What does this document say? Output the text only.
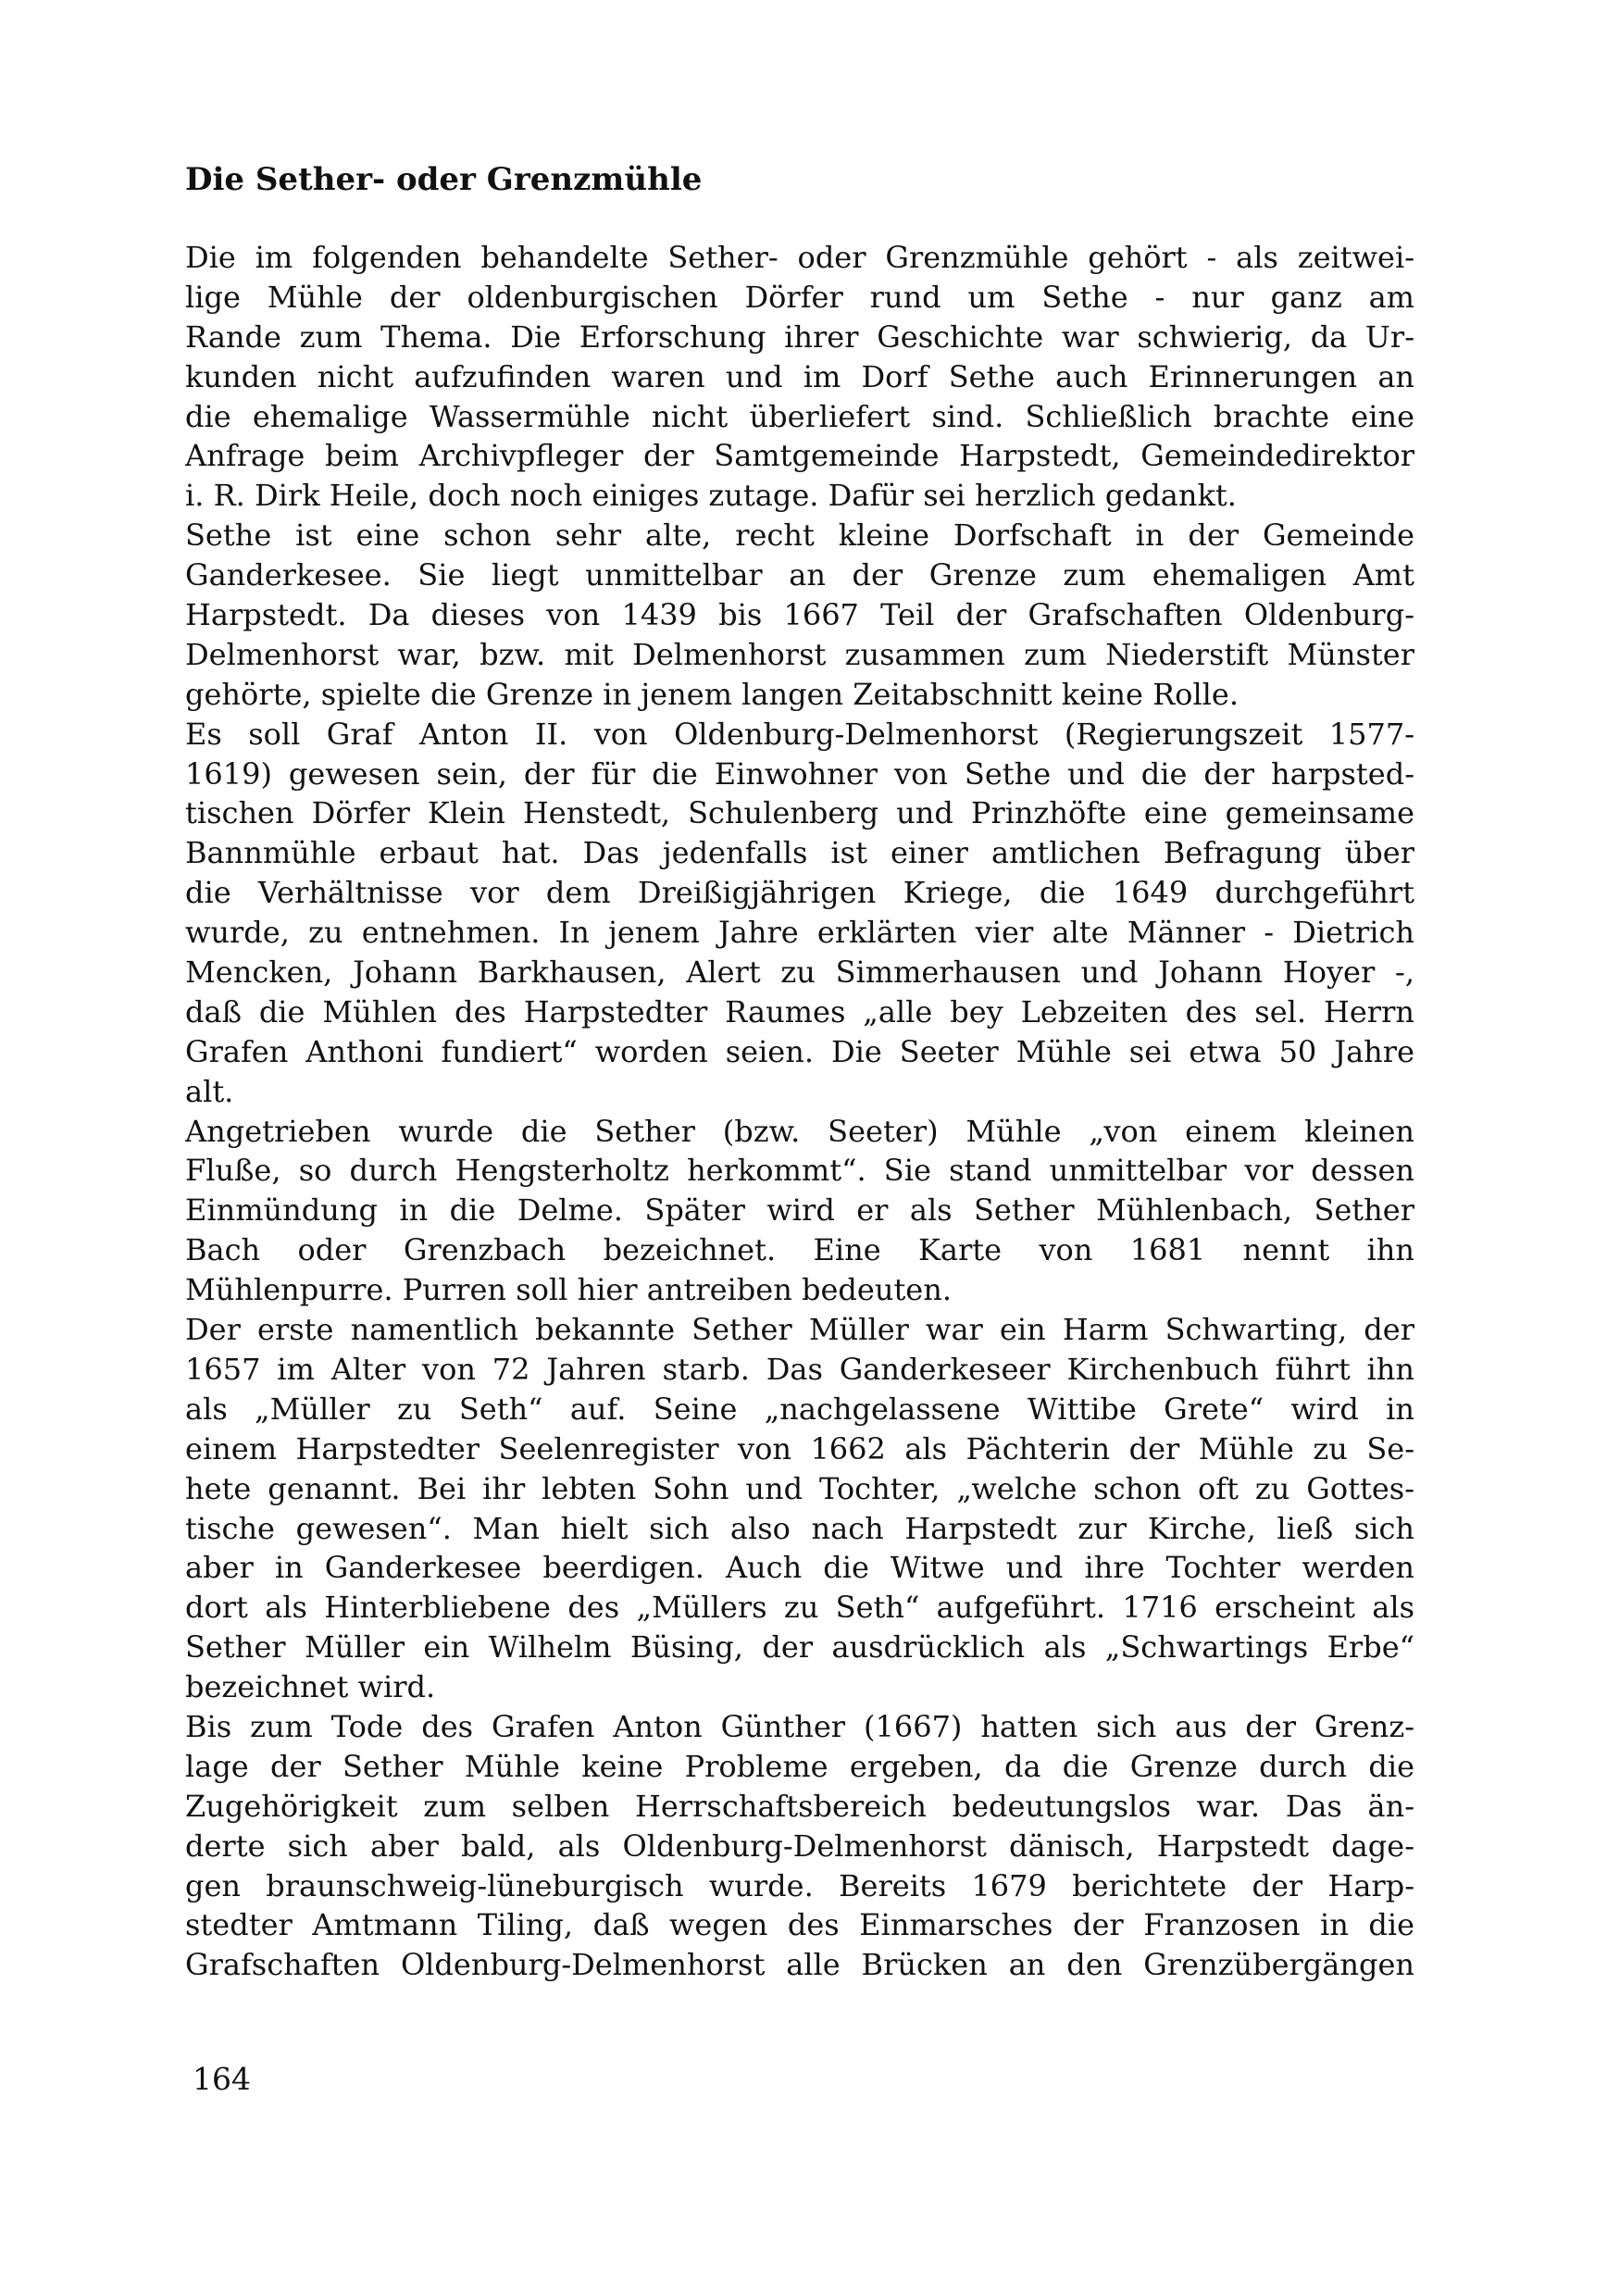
Die Sether- oder Grenzmühle
Die im folgenden behandelte Sether- oder Grenzmühle gehört - als zeitwei-
lige Mühle der oldenburgischen Dörfer rund um Sethe - nur ganz am
Rande zum Thema. Die Erforschung ihrer Geschichte war schwierig, da Ur-
kunden nicht aufzufinden waren und im Dorf Sethe auch Erinnerungen an
die ehemalige Wassermühle nicht überliefert sind. Schließlich brachte eine
Anfrage beim Archivpfleger der Samtgemeinde Harpstedt, Gemeindedirektor
i. R. Dirk Heile, doch noch einiges zutage. Dafür sei herzlich gedankt.
Sethe ist eine schon sehr alte, recht kleine Dorfschaft in der Gemeinde
Ganderkesee. Sie liegt unmittelbar an der Grenze zum ehemaligen Amt
Harpstedt. Da dieses von 1439 bis 1667 Teil der Grafschaften Oldenburg-
Delmenhorst war, bzw. mit Delmenhorst zusammen zum Niederstift Münster
gehörte, spielte die Grenze in jenem langen Zeitabschnitt keine Rolle.
Es soll Graf Anton II. von Oldenburg-Delmenhorst (Regierungszeit 1577-
1619) gewesen sein, der für die Einwohner von Sethe und die der harpsted-
tischen Dörfer Klein Henstedt, Schulenberg und Prinzhöfte eine gemeinsame
Bannmühle erbaut hat. Das jedenfalls ist einer amtlichen Befragung über
die Verhältnisse vor dem Dreißigjährigen Kriege, die 1649 durchgeführt
wurde, zu entnehmen. In jenem Jahre erklärten vier alte Männer - Dietrich
Mencken, Johann Barkhausen, Alert zu Simmerhausen und Johann Hoyer -,
daß die Mühlen des Harpstedter Raumes „alle bey Lebzeiten des sel. Herrn
Grafen Anthoni fundiert“ worden seien. Die Seeter Mühle sei etwa 50 Jahre
alt.
Angetrieben wurde die Sether (bzw. Seeter) Mühle „von einem kleinen
Fluße, so durch Hengsterholtz herkommt“. Sie stand unmittelbar vor dessen
Einmündung in die Delme. Später wird er als Sether Mühlenbach, Sether
Bach oder Grenzbach bezeichnet. Eine Karte von 1681 nennt ihn
Mühlenpurre. Purren soll hier antreiben bedeuten.
Der erste namentlich bekannte Sether Müller war ein Harm Schwarting, der
1657 im Alter von 72 Jahren starb. Das Ganderkeseer Kirchenbuch führt ihn
als „Müller zu Seth“ auf. Seine „nachgelassene Wittibe Grete“ wird in
einem Harpstedter Seelenregister von 1662 als Pächterin der Mühle zu Se-
hete genannt. Bei ihr lebten Sohn und Tochter, „welche schon oft zu Gottes-
tische gewesen“. Man hielt sich also nach Harpstedt zur Kirche, ließ sich
aber in Ganderkesee beerdigen. Auch die Witwe und ihre Tochter werden
dort als Hinterbliebene des „Müllers zu Seth“ aufgeführt. 1716 erscheint als
Sether Müller ein Wilhelm Büsing, der ausdrücklich als „Schwartings Erbe“
bezeichnet wird.
Bis zum Tode des Grafen Anton Günther (1667) hatten sich aus der Grenz-
lage der Sether Mühle keine Probleme ergeben, da die Grenze durch die
Zugehörigkeit zum selben Herrschaftsbereich bedeutungslos war. Das än-
derte sich aber bald, als Oldenburg-Delmenhorst dänisch, Harpstedt dage-
gen braunschweig-lüneburgisch wurde. Bereits 1679 berichtete der Harp-
stedter Amtmann Tiling, daß wegen des Einmarsches der Franzosen in die
Grafschaften Oldenburg-Delmenhorst alle Brücken an den Grenzübergängen
164
